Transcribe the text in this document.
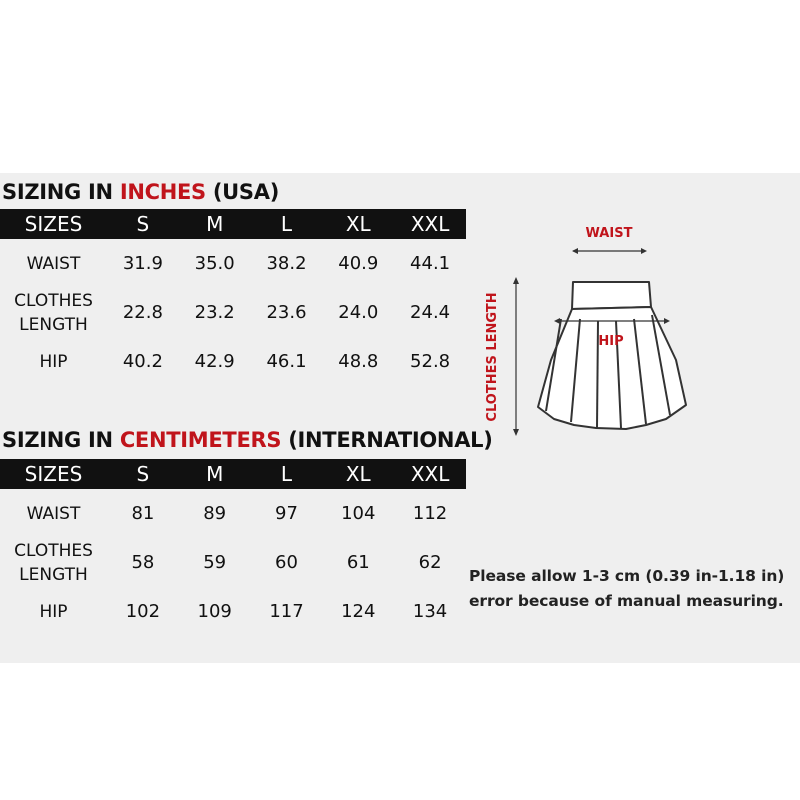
SIZING IN INCHES (USA)
SIZES	S	M	L	XL	XXL
WAIST	31.9	35.0	38.2	40.9	44.1
CLOTHES
LENGTH	22.8	23.2	23.6	24.0	24.4
HIP	40.2	42.9	46.1	48.8	52.8
SIZING IN CENTIMETERS (INTERNATIONAL)
SIZES	S	M	L	XL	XXL
WAIST	81	89	97	104	112
CLOTHES
LENGTH	58	59	60	61	62
HIP	102	109	117	124	134
WAIST
CLOTHES LENGTH	HIP
Please allow 1-3 cm (0.39 in-1.18 in)
error because of manual measuring.
